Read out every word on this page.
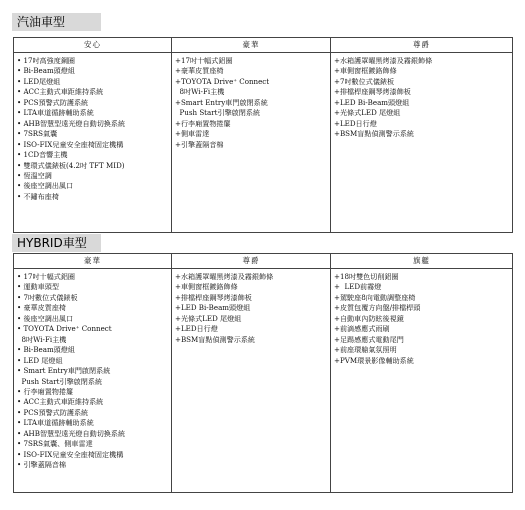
汽油車型
安心
• 17吋高強度鋼圈
• Bi-Beam頭燈組
• LED尾燈組
• ACC主動式車距維持系統
• PCS預警式防護系統
• LTA車道循跡輔助系統
• AHB智慧型遠光燈自動切換系統
• 7SRS氣囊
• ISO-FIX兒童安全座椅固定機構
• 1CD音響主機
• 雙環式儀錶板(4.2吋 TFT MID)
• 恆溫空調
• 後座空調出風口
• 不鏽布座椅
豪華
+17吋十幅式鋁圈
+豪華皮質座椅
+TOYOTA Drive⁺ Connect
8吋Wi-Fi主機
+Smart Entry車門啟閉系統
Push Start引擎啟閉系統
+行李廂置物捲簾
+側車雷達
+引擎蓋隔音棉
尊爵
+水箱護罩曜黑烤漆及霧銀飾條
+車側窗框鍍鉻飾條
+7吋數位式儀錶板
+排檔桿座鋼琴烤漆飾板
+LED Bi-Beam頭燈組
+光條式LED 尾燈組
+LED日行燈
+BSM盲點偵測警示系統
HYBRID車型
豪華
• 17吋十幅式鋁圈
• 運動車頭型
• 7吋數位式儀錶板
• 豪華皮質座椅
• 後座空調出風口
• TOYOTA Drive⁺ Connect
8吋Wi-Fi主機
• Bi-Beam頭燈組
• LED 尾燈組
• Smart Entry車門啟閉系統
Push Start引擎啟閉系統
• 行李廂置物捲簾
• ACC主動式車距維持系統
• PCS預警式防護系統
• LTA車道循跡輔助系統
• AHB智慧型遠光燈自動切換系統
• 7SRS氣囊、側車雷達
• ISO-FIX兒童安全座椅固定機構
• 引擎蓋隔音棉
尊爵
+水箱護罩曜黑烤漆及霧銀飾條
+車側窗框鍍鉻飾條
+排檔桿座鋼琴烤漆飾板
+LED Bi-Beam頭燈組
+光條式LED 尾燈組
+LED日行燈
+BSM盲點偵測警示系統
旗艦
+18吋雙色切削鋁圈
+  LED前霧燈
+駕駛座8向電動調整座椅
+皮質包覆方向盤/排檔桿頭
+自動車內防眩後視鏡
+前滴感應式雨刷
+足踢感應式電動尾門
+前座環艙氣氛照明
+PVM環景影像輔助系統
